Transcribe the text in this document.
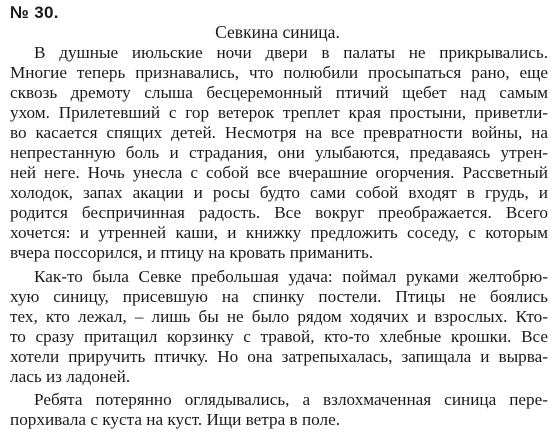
№ 30.
Севкина синица.
В душные июльские ночи двери в палаты не прикрывались.
Многие теперь признавались, что полюбили просыпаться рано, еще
сквозь дремоту слыша бесцеремонный птичий щебет над самым
ухом. Прилетевший с гор ветерок треплет края простыни, приветли-
во касается спящих детей. Несмотря на все превратности войны, на
непрестанную боль и страдания, они улыбаются, предаваясь утрен-
ней неге. Ночь унесла с собой все вчерашние огорчения. Рассветный
холодок, запах акации и росы будто сами собой входят в грудь, и
родится беспричинная радость. Все вокруг преображается. Всего
хочется: и утренней каши, и книжку предложить соседу, с которым
вчера поссорился, и птицу на кровать приманить.
Как-то была Севке пребольшая удача: поймал руками желтобрю-
хую синицу, присевшую на спинку постели. Птицы не боялись
тех, кто лежал, – лишь бы не было рядом ходячих и взрослых. Кто-
то сразу притащил корзинку с травой, кто-то хлебные крошки. Все
хотели приручить птичку. Но она затрепыхалась, запищала и вырва-
лась из ладоней.
Ребята потерянно оглядывались, а взлохмаченная синица пере-
порхивала с куста на куст. Ищи ветра в поле.
